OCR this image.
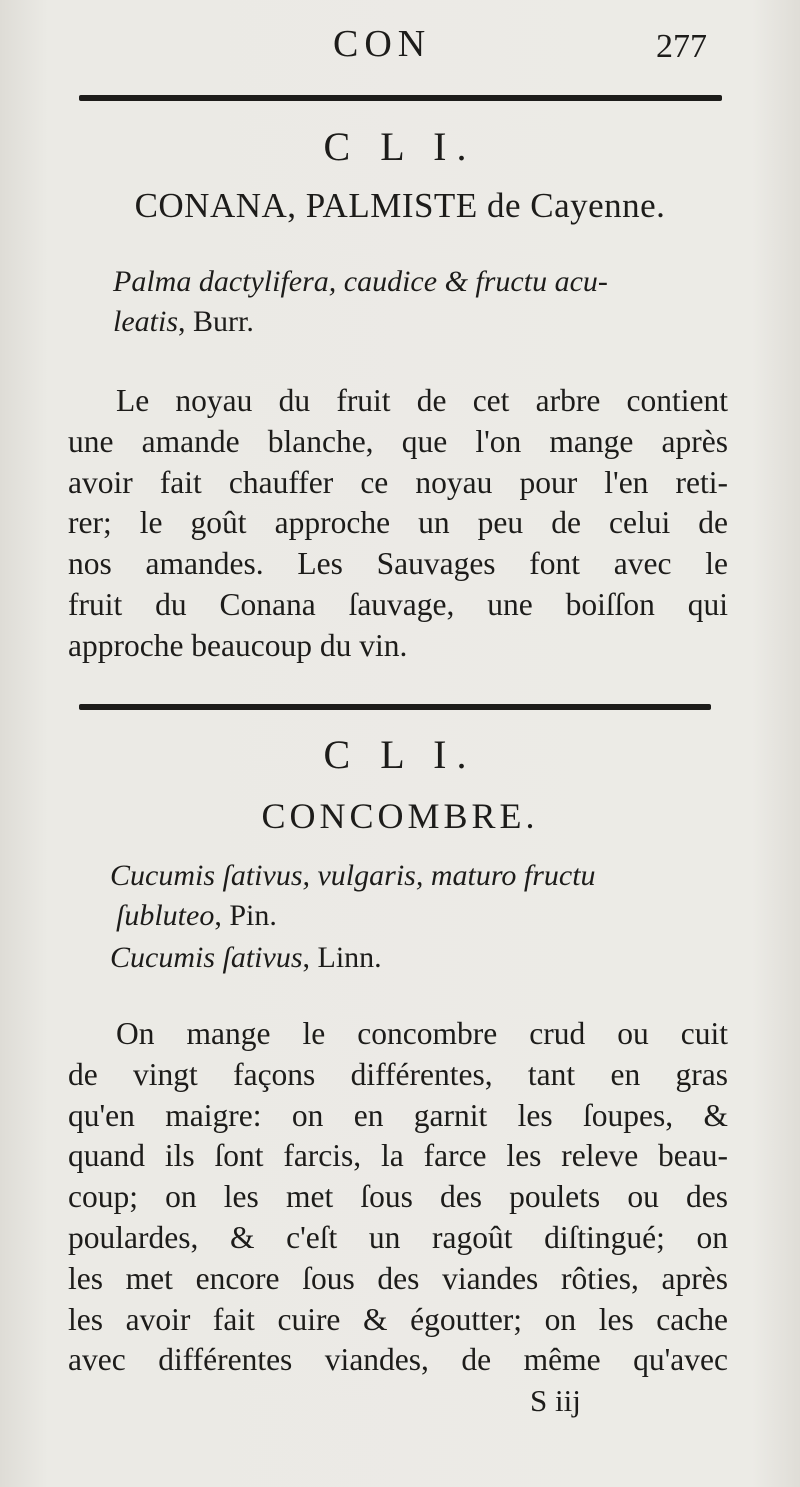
CON	277
C L I.
CONANA, PALMISTE de Cayenne.
Palma dactylifera, caudice & fructu acu-
leatis, Burr.

Le noyau du fruit de cet arbre contient
une amande blanche, que l'on mange après
avoir fait chauffer ce noyau pour l'en reti-
rer; le goût approche un peu de celui de
nos amandes. Les Sauvages font avec le
fruit du Conana ſauvage, une boiſſon qui
approche beaucoup du vin.

C L I.
CONCOMBRE.
Cucumis ſativus, vulgaris, maturo fructu
ſubluteo, Pin.
Cucumis ſativus, Linn.

On mange le concombre crud ou cuit
de vingt façons différentes, tant en gras
qu'en maigre: on en garnit les ſoupes, &
quand ils ſont farcis, la farce les releve beau-
coup; on les met ſous des poulets ou des
poulardes, & c'eſt un ragoût diſtingué; on
les met encore ſous des viandes rôties, après
les avoir fait cuire & égoutter; on les cache
avec différentes viandes, de même qu'avec

S iij
